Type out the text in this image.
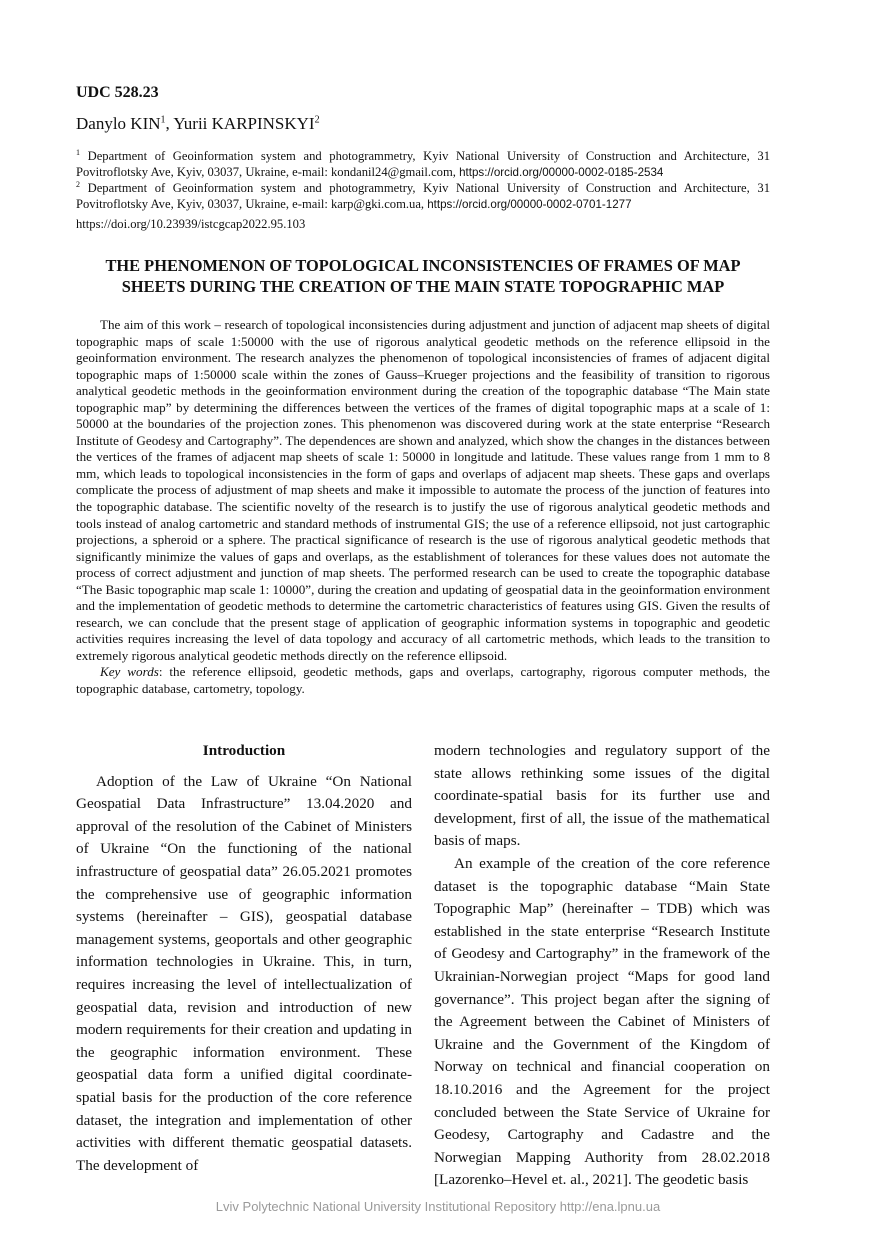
UDC 528.23
Danylo KIN$^1$, Yurii KARPINSKYI$^2$
$^1$ Department of Geoinformation system and photogrammetry, Kyiv National University of Construction and Architecture, 31 Povitroflotsky Ave, Kyiv, 03037, Ukraine, e-mail: kondanil24@gmail.com, https://orcid.org/00000-0002-0185-2534
$^2$ Department of Geoinformation system and photogrammetry, Kyiv National University of Construction and Architecture, 31 Povitroflotsky Ave, Kyiv, 03037, Ukraine, e-mail: karp@gki.com.ua, https://orcid.org/00000-0002-0701-1277
https://doi.org/10.23939/istcgcap2022.95.103
THE PHENOMENON OF TOPOLOGICAL INCONSISTENCIES OF FRAMES OF MAP SHEETS DURING THE CREATION OF THE MAIN STATE TOPOGRAPHIC MAP

The aim of this work – research of topological inconsistencies during adjustment and junction of adjacent map sheets of digital topographic maps of scale 1:50000 with the use of rigorous analytical geodetic methods on the reference ellipsoid in the geoinformation environment. The research analyzes the phenomenon of topological inconsistencies of frames of adjacent digital topographic maps of 1:50000 scale within the zones of Gauss–Krueger projections and the feasibility of transition to rigorous analytical geodetic methods in the geoinformation environment during the creation of the topographic database “The Main state topographic map” by determining the differences between the vertices of the frames of digital topographic maps at a scale of 1: 50000 at the boundaries of the projection zones. This phenomenon was discovered during work at the state enterprise “Research Institute of Geodesy and Cartography”. The dependences are shown and analyzed, which show the changes in the distances between the vertices of the frames of adjacent map sheets of scale 1: 50000 in longitude and latitude. These values range from 1 mm to 8 mm, which leads to topological inconsistencies in the form of gaps and overlaps of adjacent map sheets. These gaps and overlaps complicate the process of adjustment of map sheets and make it impossible to automate the process of the junction of features into the topographic database. The scientific novelty of the research is to justify the use of rigorous analytical geodetic methods and tools instead of analog cartometric and standard methods of instrumental GIS; the use of a reference ellipsoid, not just cartographic projections, a spheroid or a sphere. The practical significance of research is the use of rigorous analytical geodetic methods that significantly minimize the values of gaps and overlaps, as the establishment of tolerances for these values does not automate the process of correct adjustment and junction of map sheets. The performed research can be used to create the topographic database “The Basic topographic map scale 1: 10000”, during the creation and updating of geospatial data in the geoinformation environment and the implementation of geodetic methods to determine the cartometric characteristics of features using GIS. Given the results of research, we can conclude that the present stage of application of geographic information systems in topographic and geodetic activities requires increasing the level of data topology and accuracy of all cartometric methods, which leads to the transition to extremely rigorous analytical geodetic methods directly on the reference ellipsoid.

Key words: the reference ellipsoid, geodetic methods, gaps and overlaps, cartography, rigorous computer methods, the topographic database, cartometry, topology.

Introduction

Adoption of the Law of Ukraine “On National Geospatial Data Infrastructure” 13.04.2020 and approval of the resolution of the Cabinet of Ministers of Ukraine “On the functioning of the national infrastructure of geospatial data” 26.05.2021 promotes the comprehensive use of geographic information systems (hereinafter – GIS), geospatial database management systems, geoportals and other geographic information technologies in Ukraine. This, in turn, requires increasing the level of intellectualization of geospatial data, revision and introduction of new modern requirements for their creation and updating in the geographic information environment. These geospatial data form a unified digital coordinate-spatial basis for the production of the core reference dataset, the integration and implementation of other activities with different thematic geospatial datasets. The development of

modern technologies and regulatory support of the state allows rethinking some issues of the digital coordinate-spatial basis for its further use and development, first of all, the issue of the mathematical basis of maps.

An example of the creation of the core reference dataset is the topographic database “Main State Topographic Map” (hereinafter – TDB) which was established in the state enterprise “Research Institute of Geodesy and Cartography” in the framework of the Ukrainian-Norwegian project “Maps for good land governance”. This project began after the signing of the Agreement between the Cabinet of Ministers of Ukraine and the Government of the Kingdom of Norway on technical and financial cooperation on 18.10.2016 and the Agreement for the project concluded between the State Service of Ukraine for Geodesy, Cartography and Cadastre and the Norwegian Mapping Authority from 28.02.2018 [Lazorenko–Hevel et. al., 2021]. The geodetic basis

Lviv Polytechnic National University Institutional Repository http://ena.lpnu.ua
